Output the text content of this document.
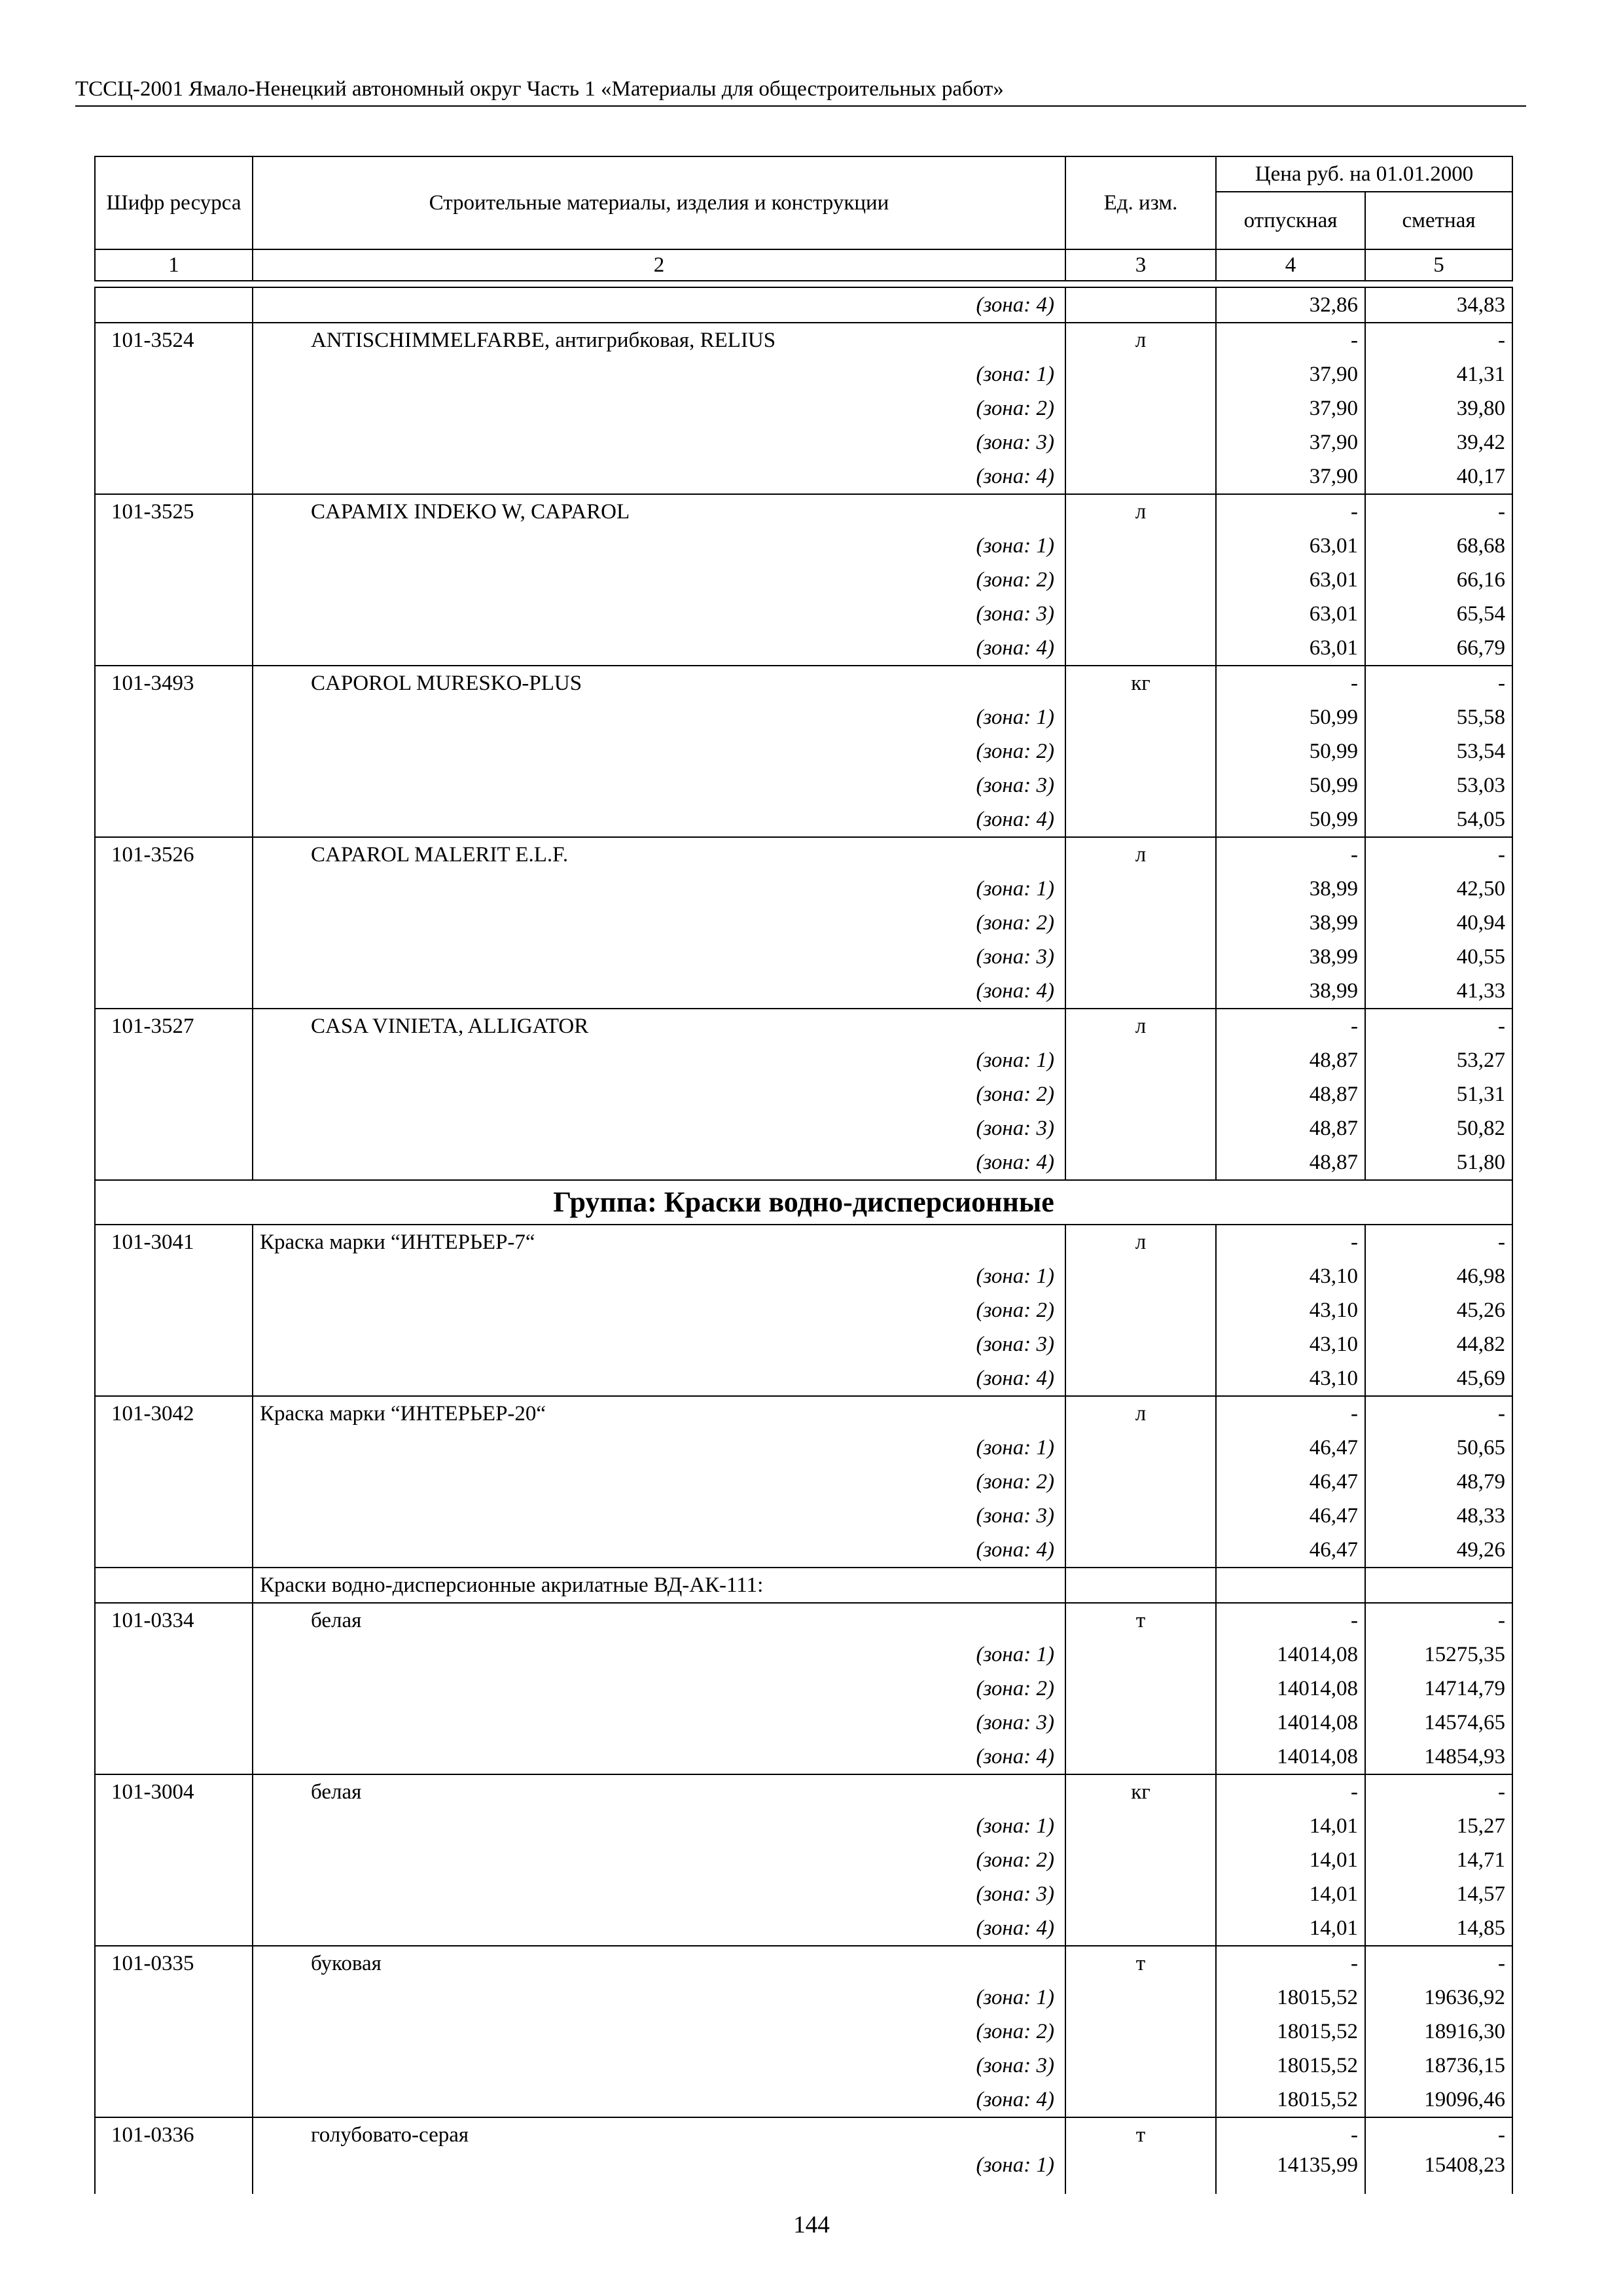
ТССЦ-2001 Ямало-Ненецкий автономный округ Часть 1 «Материалы для общестроительных работ»
Шифр ресурса	Строительные материалы, изделия и конструкции	Ед. изм.	Цена руб. на 01.01.2000	
			отпускная	сметная
1	2	3	4	5
	(зона: 4)		32,86	34,83
101-3524	ANTISCHIMMELFARBE, антигрибковая, RELIUS	л	-	-
	(зона: 1)		37,90	41,31
	(зона: 2)		37,90	39,80
	(зона: 3)		37,90	39,42
	(зона: 4)		37,90	40,17
101-3525	CAPAMIX INDEKO W, CAPAROL	л	-	-
	(зона: 1)		63,01	68,68
	(зона: 2)		63,01	66,16
	(зона: 3)		63,01	65,54
	(зона: 4)		63,01	66,79
101-3493	CAPOROL MURESKO-PLUS	кг	-	-
	(зона: 1)		50,99	55,58
	(зона: 2)		50,99	53,54
	(зона: 3)		50,99	53,03
	(зона: 4)		50,99	54,05
101-3526	CAPAROL MALERIT E.L.F.	л	-	-
	(зона: 1)		38,99	42,50
	(зона: 2)		38,99	40,94
	(зона: 3)		38,99	40,55
	(зона: 4)		38,99	41,33
101-3527	CASA VINIETA, ALLIGATOR	л	-	-
	(зона: 1)		48,87	53,27
	(зона: 2)		48,87	51,31
	(зона: 3)		48,87	50,82
	(зона: 4)		48,87	51,80
Группа: Краски водно-дисперсионные				
101-3041	Краска марки “ИНТЕРЬЕР-7“	л	-	-
	(зона: 1)		43,10	46,98
	(зона: 2)		43,10	45,26
	(зона: 3)		43,10	44,82
	(зона: 4)		43,10	45,69
101-3042	Краска марки “ИНТЕРЬЕР-20“	л	-	-
	(зона: 1)		46,47	50,65
	(зона: 2)		46,47	48,79
	(зона: 3)		46,47	48,33
	(зона: 4)		46,47	49,26
	Краски водно-дисперсионные акрилатные ВД-АК-111:			
101-0334	белая	т	-	-
	(зона: 1)		14014,08	15275,35
	(зона: 2)		14014,08	14714,79
	(зона: 3)		14014,08	14574,65
	(зона: 4)		14014,08	14854,93
101-3004	белая	кг	-	-
	(зона: 1)		14,01	15,27
	(зона: 2)		14,01	14,71
	(зона: 3)		14,01	14,57
	(зона: 4)		14,01	14,85
101-0335	буковая	т	-	-
	(зона: 1)		18015,52	19636,92
	(зона: 2)		18015,52	18916,30
	(зона: 3)		18015,52	18736,15
	(зона: 4)		18015,52	19096,46
101-0336	голубовато-серая	т	-	-
	(зона: 1)		14135,99	15408,23
144
